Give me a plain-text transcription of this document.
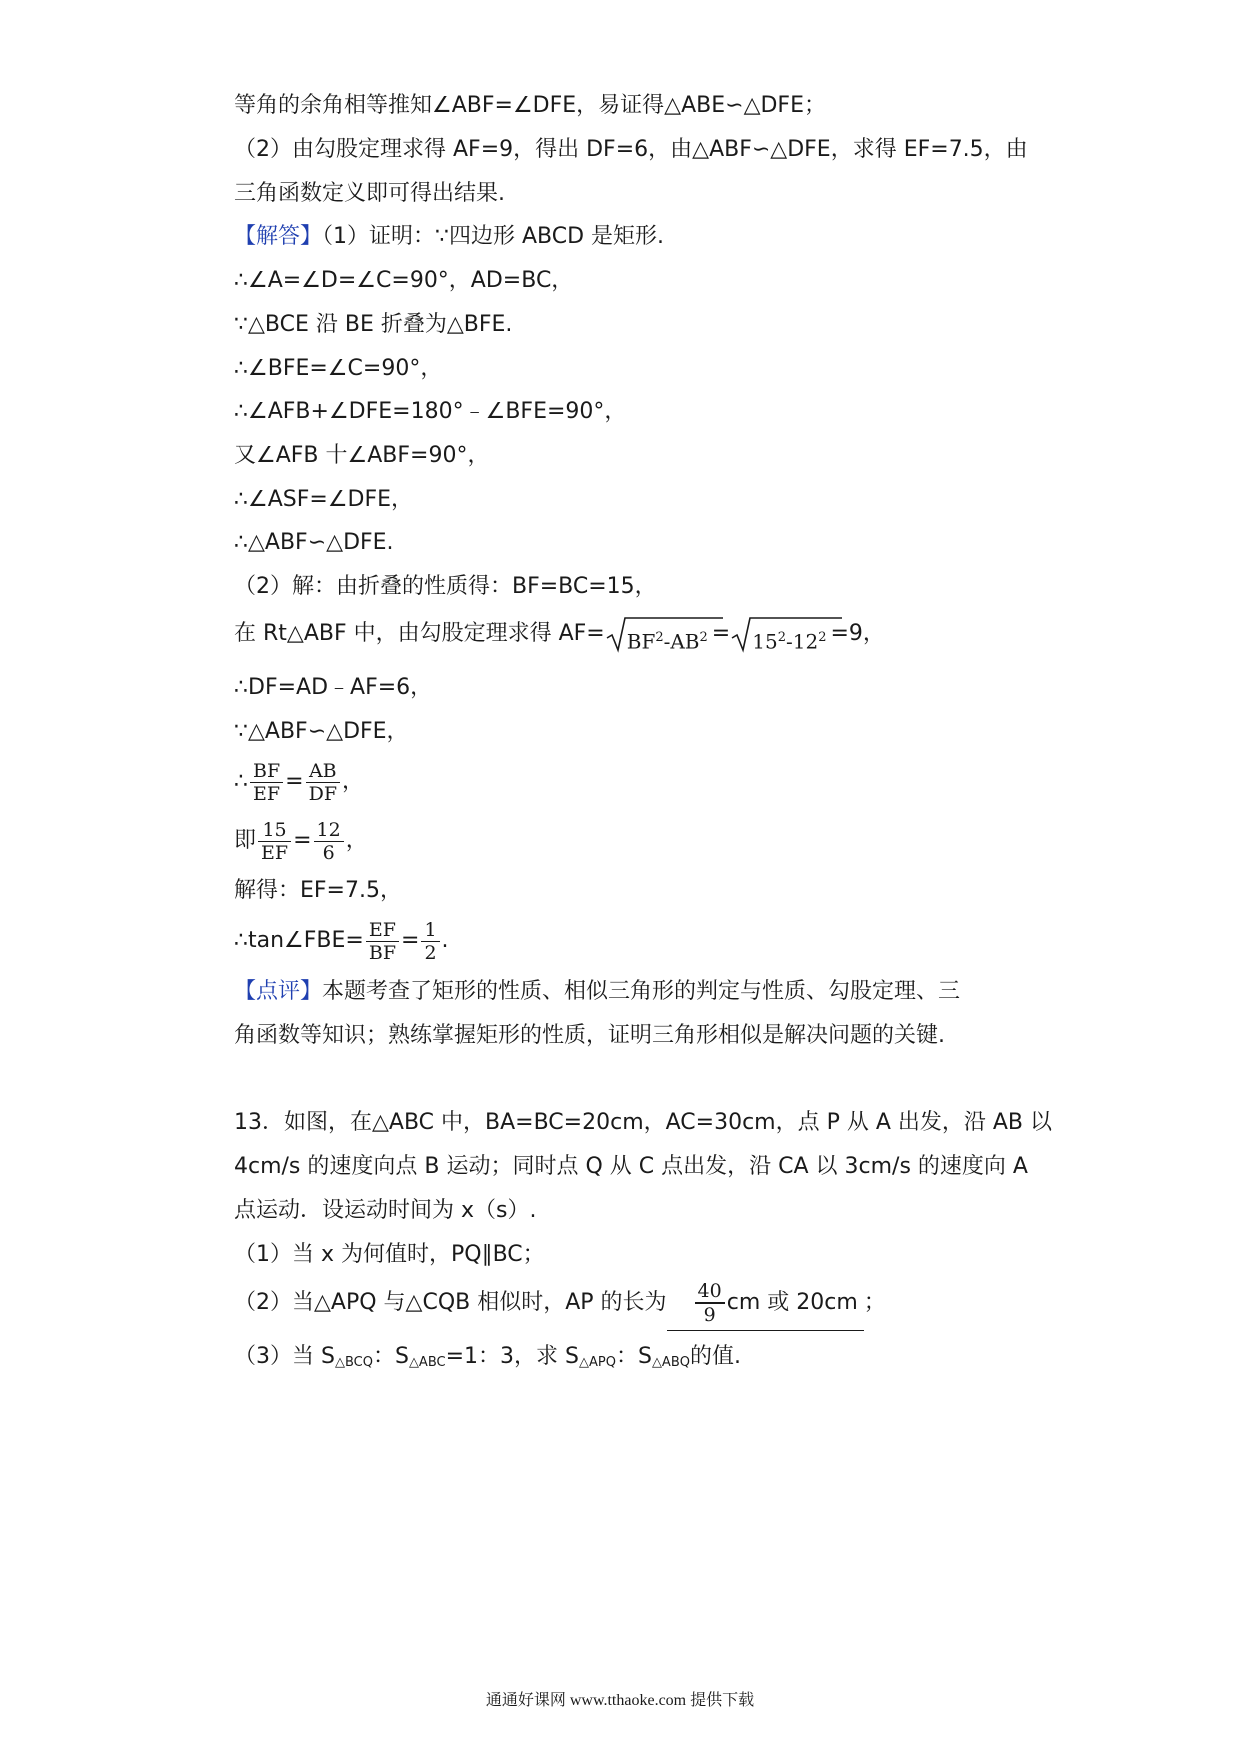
等角的余角相等推知∠ABF=∠DFE，易证得△ABE∽△DFE；
（2）由勾股定理求得 AF=9，得出 DF=6，由△ABF∽△DFE，求得 EF=7.5，由
三角函数定义即可得出结果.
【解答】（1）证明：∵四边形 ABCD 是矩形.
∴∠A=∠D=∠C=90°，AD=BC，
∵△BCE 沿 BE 折叠为△BFE.
∴∠BFE=∠C=90°，
∴∠AFB+∠DFE=180°﹣∠BFE=90°，
又∠AFB 十∠ABF=90°，
∴∠ASF=∠DFE，
∴△ABF∽△DFE.
（2）解：由折叠的性质得：BF=BC=15，
在 Rt△ABF 中，由勾股定理求得 $AF= BF^2-AB^2 = 15^2-12^2 =9$，
∴DF=AD﹣AF=6，
∵△ABF∽△DFE，
∴ $\frac{BF}{EF} = \frac{AB}{DF}$ ，
即 $\frac{15}{EF} = \frac{12}{6}$ ，
解得：EF=7.5，
∴tan∠FBE= $\frac{EF}{BF} = \frac{1}{2}$ .
【点评】本题考查了矩形的性质、相似三角形的判定与性质、勾股定理、三
角函数等知识；熟练掌握矩形的性质，证明三角形相似是解决问题的关键.
13．如图，在△ABC 中，BA=BC=20cm，AC=30cm，点 P 从 A 出发，沿 AB 以
4cm/s 的速度向点 B 运动；同时点 Q 从 C 点出发，沿 CA 以 3cm/s 的速度向 A
点运动．设运动时间为 x（s）.
（1）当 x 为何值时，PQ∥BC；
（2）当△APQ 与△CQB 相似时，AP 的长为 $\frac{40}{9}$ cm 或 20cm ；
（3）当 $S_{\triangle BCQ}$：$S_{\triangle ABC}=1$：3，求 $S_{\triangle APQ}$：$S_{\triangle ABQ}$的值.
通通好课网 www.tthaoke.com 提供下载
